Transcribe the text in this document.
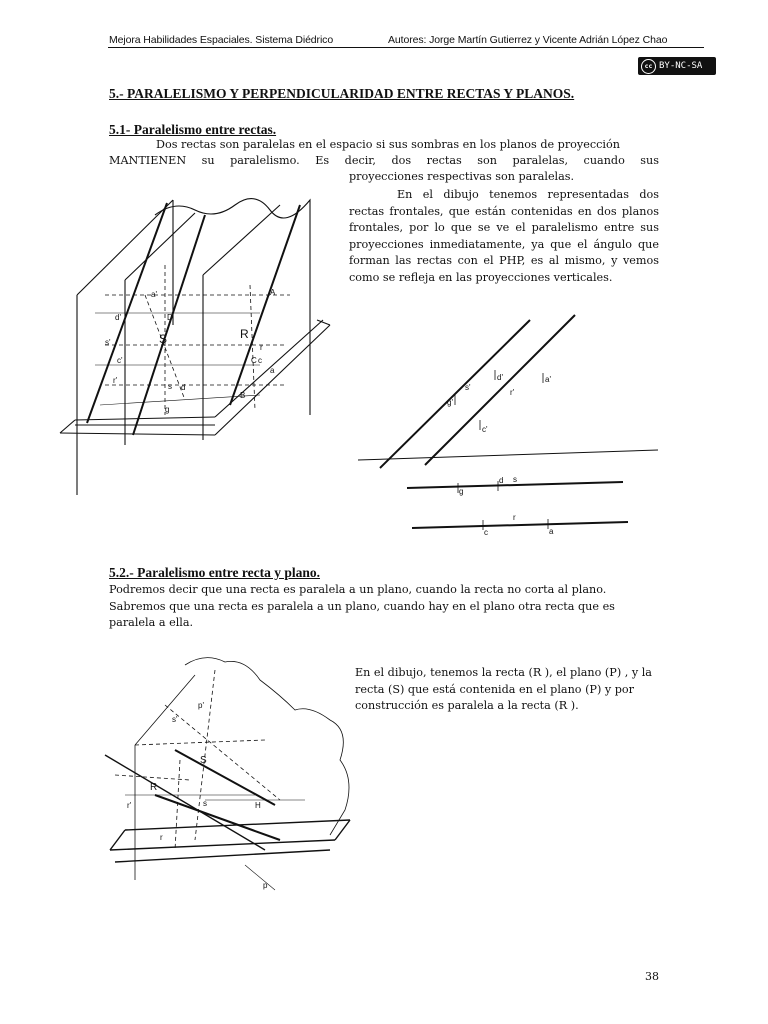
Mejora Habilidades Espaciales. Sistema Diédrico	Autores: Jorge Martín Gutierrez y Vicente Adrián López Chao
cc BY-NC-SA
5.- PARALELISMO Y PERPENDICULARIDAD ENTRE RECTAS Y PLANOS.
5.1- Paralelismo entre rectas.
Dos rectas son paralelas en el espacio si sus sombras en los planos de proyección
MANTIENEN su paralelismo. Es decir, dos rectas son paralelas, cuando sus
proyecciones respectivas son paralelas.
En el dibujo tenemos representadas dos rectas frontales, que están contenidas en dos planos frontales, por lo que se ve el paralelismo entre sus proyecciones inmediatamente, ya que el ángulo que forman las rectas con el PHP, es al mismo, y vemos como se refleja en las proyecciones verticales.
a'
d'
s'
c'
r'
S	R
A
D
C
B
d
s
g
c
r
a
s'
r'
g'
d'
c'
a'
g
d s
r
c	a
5.2.- Paralelismo entre recta y plano.
Podremos decir que una recta es paralela a un plano, cuando la recta no corta al plano. Sabremos que una recta es paralela a un plano, cuando hay en el plano otra recta que es paralela a ella.
En el dibujo, tenemos la recta (R ), el plano (P) , y la recta (S) que está contenida en el plano (P) y por construcción es paralela a la recta (R ).
p'
s'
S
R
r'
r
H
s
p
38
